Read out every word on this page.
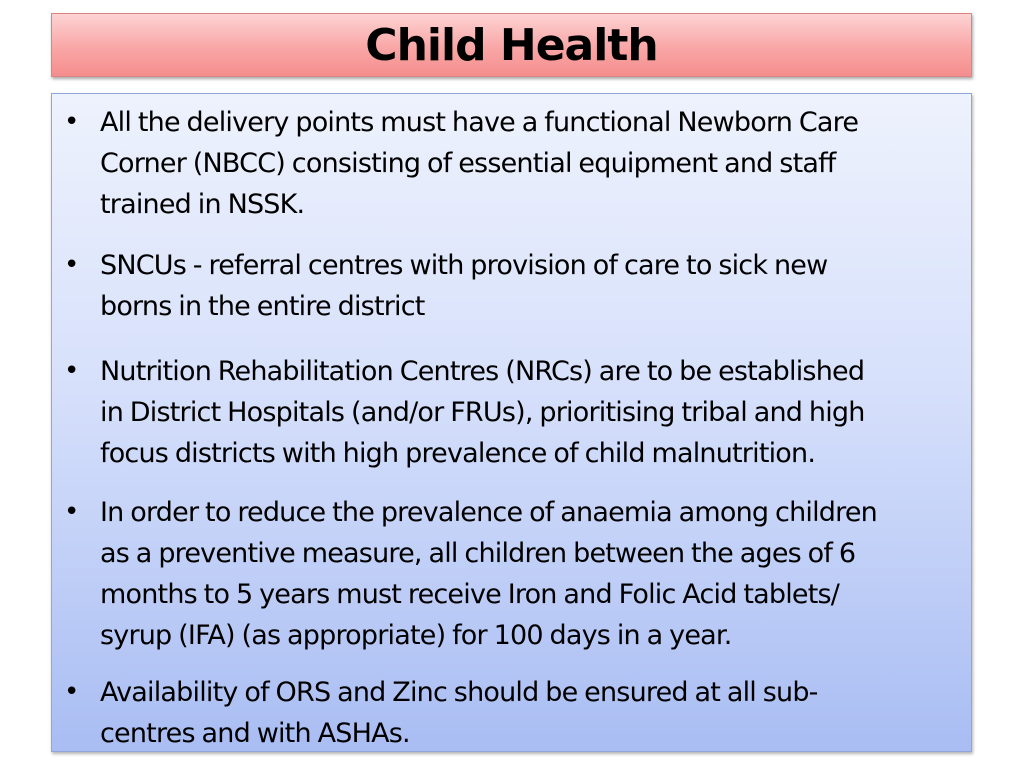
Child Health
• All the delivery points must have a functional Newborn Care
Corner (NBCC) consisting of essential equipment and staff
trained in NSSK.

• SNCUs - referral centres with provision of care to sick new
borns in the entire district

• Nutrition Rehabilitation Centres (NRCs) are to be established
in District Hospitals (and/or FRUs), prioritising tribal and high
focus districts with high prevalence of child malnutrition.

• In order to reduce the prevalence of anaemia among children
as a preventive measure, all children between the ages of 6
months to 5 years must receive Iron and Folic Acid tablets/
syrup (IFA) (as appropriate) for 100 days in a year.

• Availability of ORS and Zinc should be ensured at all sub-
centres and with ASHAs.
